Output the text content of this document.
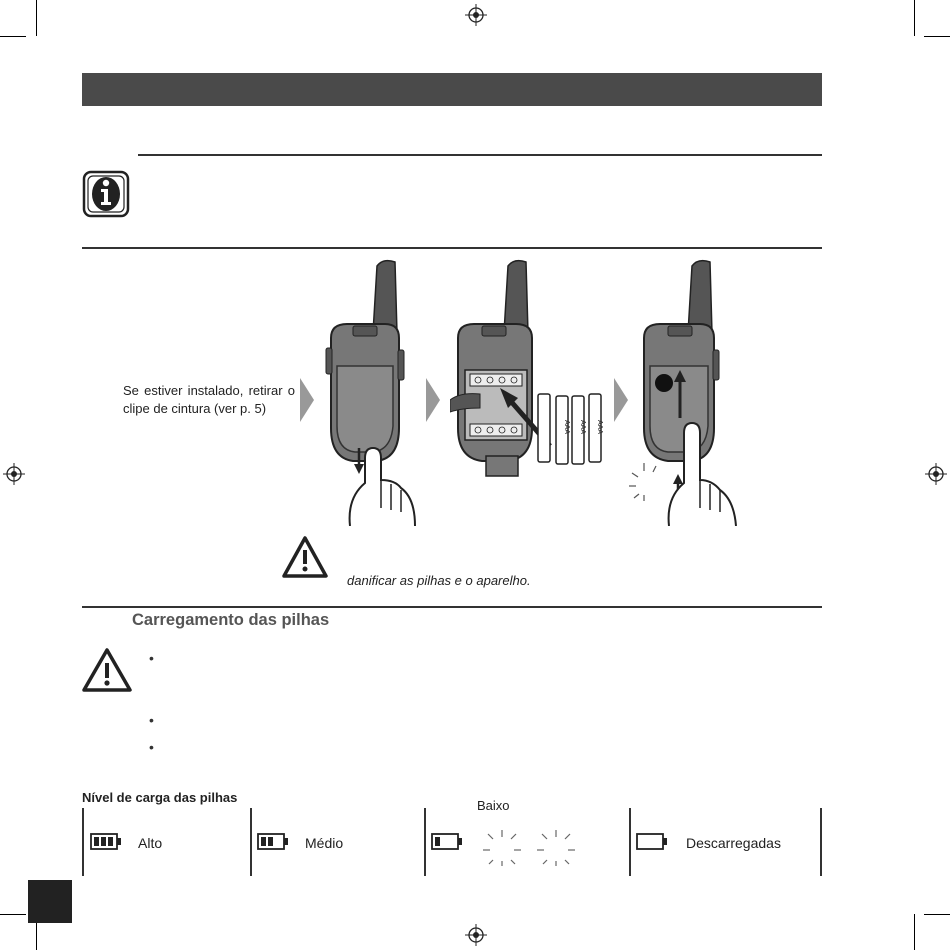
Se estiver instalado, retirar o clipe de cintura (ver p. 5)
AAA AAA AAA
danificar as pilhas e o aparelho.
Carregamento das pilhas
•
•
•
Nível de carga das pilhas
Alto	Médio
Baixo
Descarregadas
